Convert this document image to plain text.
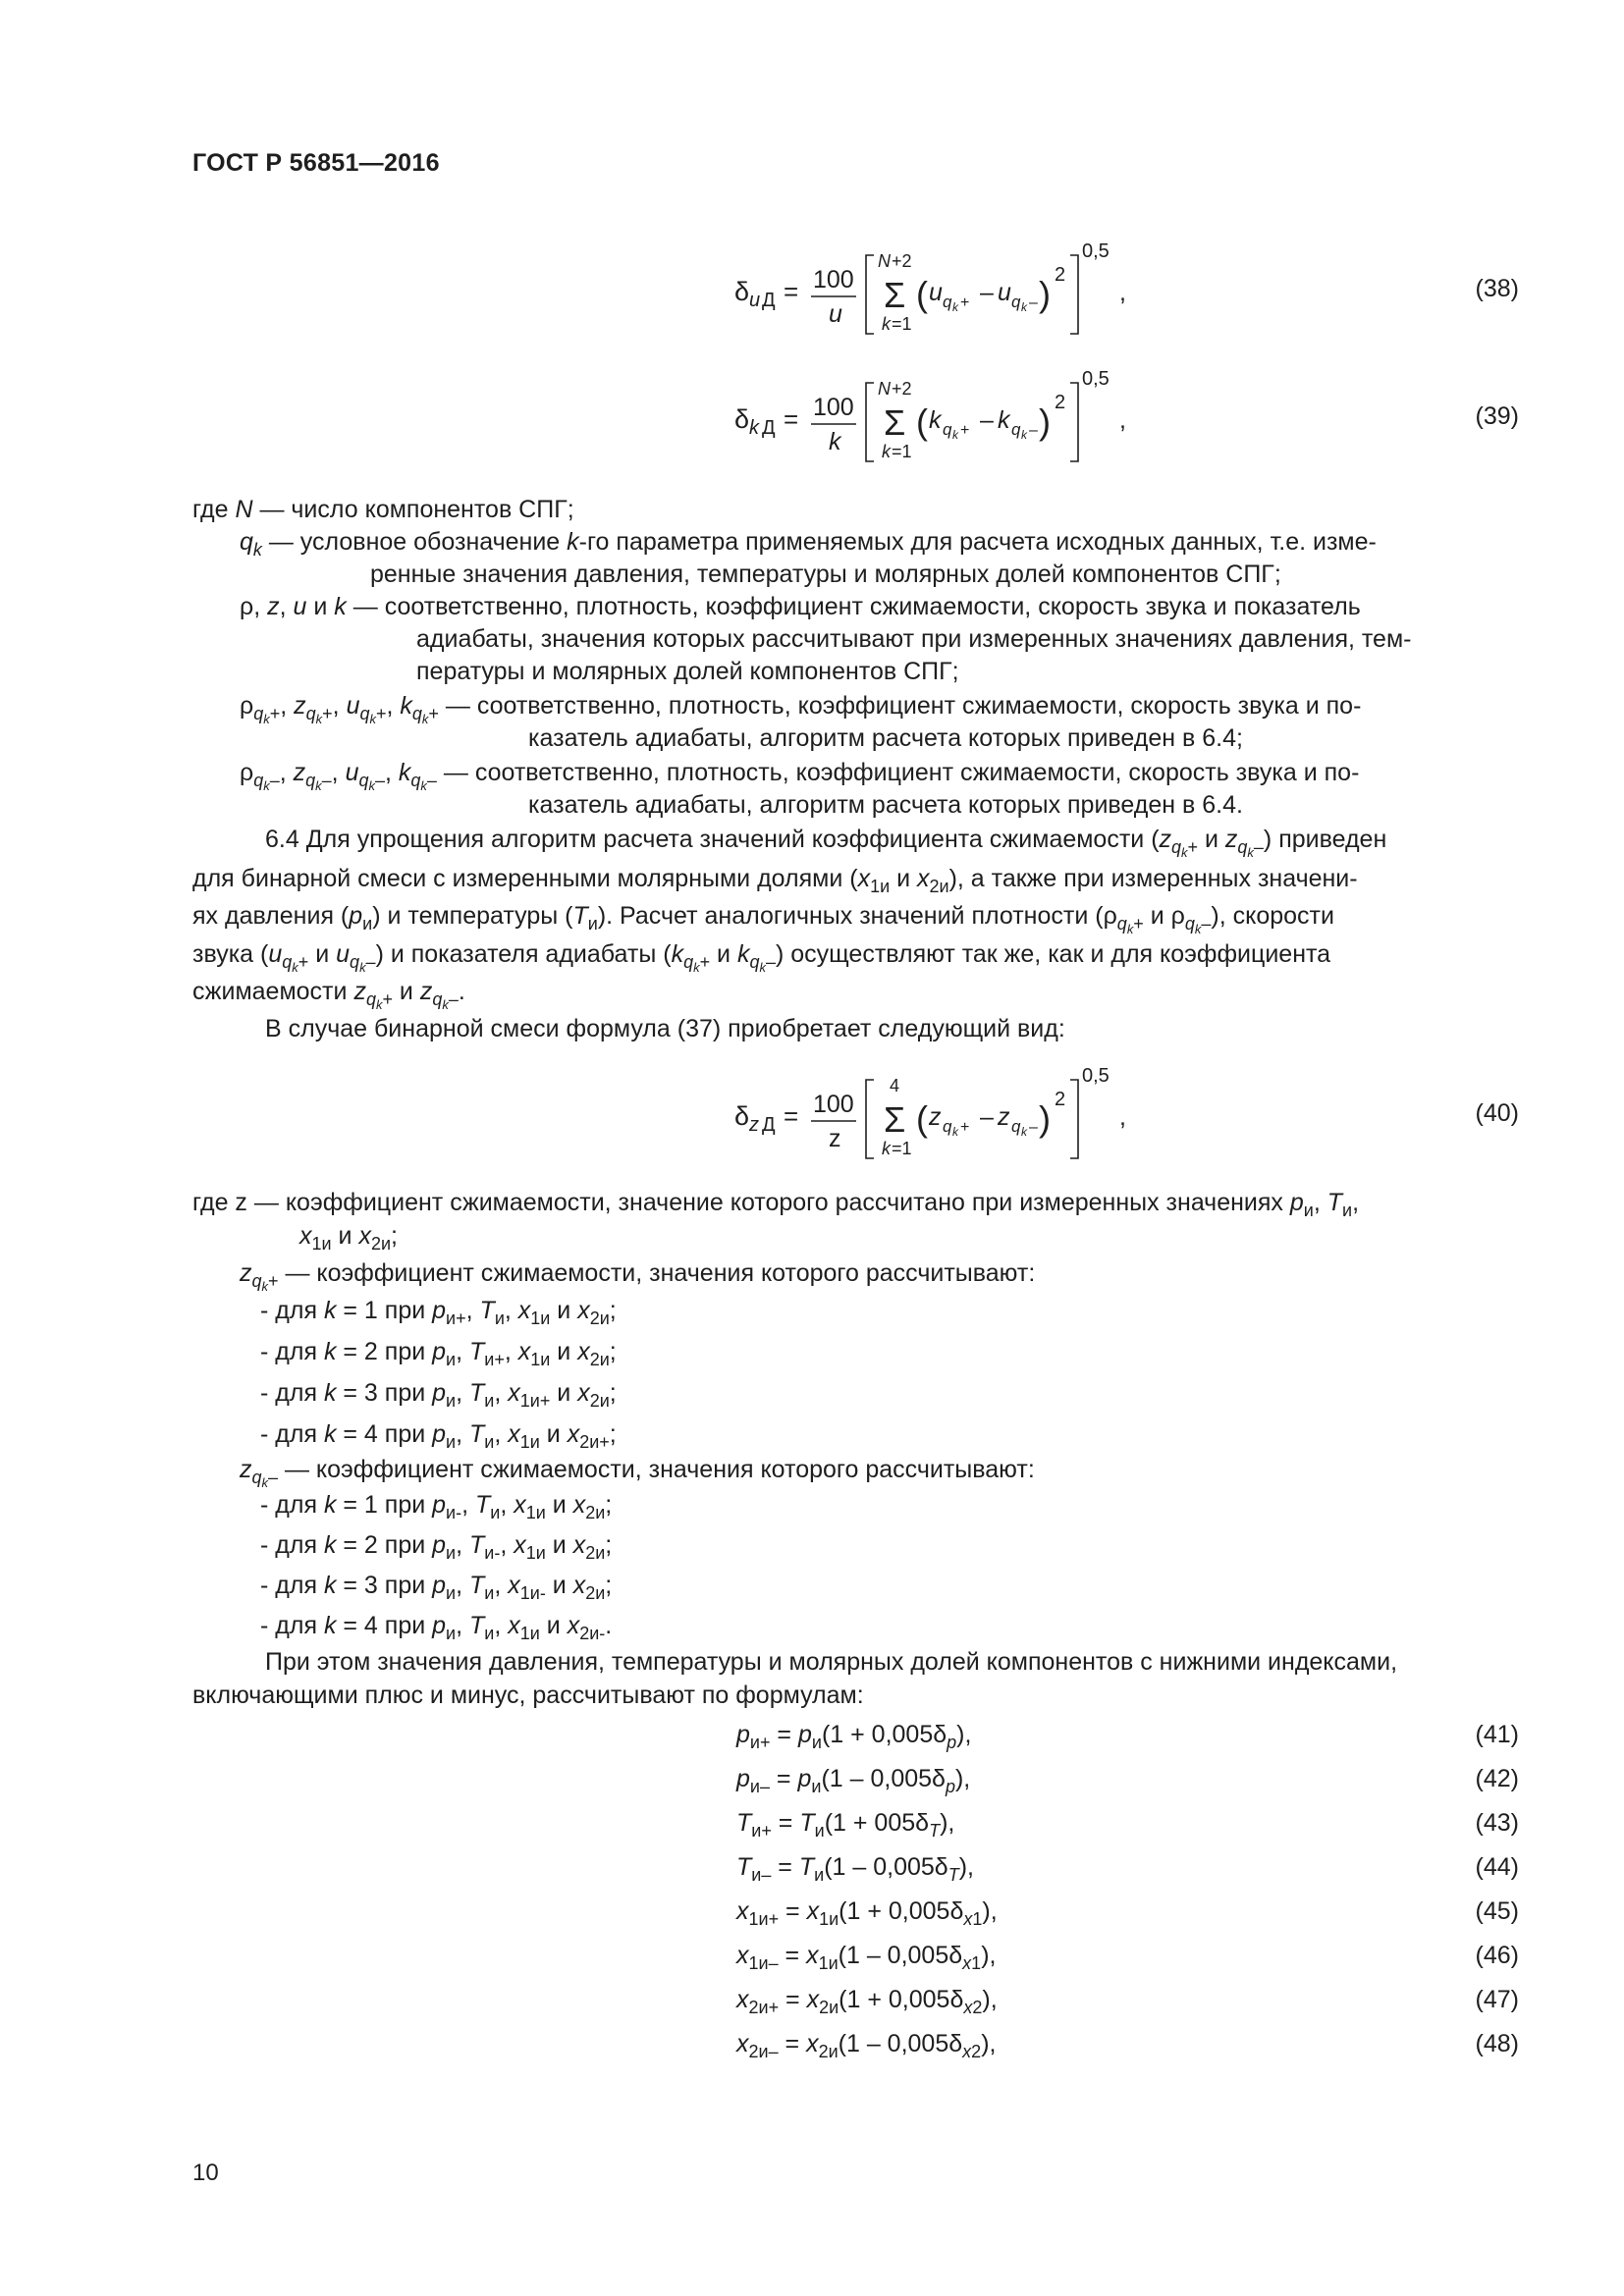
ГОСТ Р 56851—2016
δ u Д = 100
u
N +2
Σ
k =1
( u q k + – u q k – ) 2
0,5
,	(38)
δ k Д = 100
k
N +2
Σ
k =1
( k q k + – k q k – ) 2
0,5
,	(39)
где N — число компонентов СПГ;
$q_k$ — условное обозначение k-го параметра применяемых для расчета исходных данных, т.е. изме-
ренные значения давления, температуры и молярных долей компонентов СПГ;
ρ, z, u и k — соответственно, плотность, коэффициент сжимаемости, скорость звука и показатель
адиабаты, значения которых рассчитывают при измеренных значениях давления, тем-
пературы и молярных долей компонентов СПГ;
$\rho_{q_k+}$, $z_{q_k+}$, $u_{q_k+}$, $k_{q_k+}$ — соответственно, плотность, коэффициент сжимаемости, скорость звука и по-
казатель адиабаты, алгоритм расчета которых приведен в 6.4;
$\rho_{q_k-}$, $z_{q_k-}$, $u_{q_k-}$, $k_{q_k-}$ — соответственно, плотность, коэффициент сжимаемости, скорость звука и по-
казатель адиабаты, алгоритм расчета которых приведен в 6.4.
6.4 Для упрощения алгоритм расчета значений коэффициента сжимаемости ($z_{q_k+}$ и $z_{q_k-}$) приведен
для бинарной смеси с измеренными молярными долями ($x_{1и}$ и $x_{2и}$), а также при измеренных значени-
ях давления $(p_и)$ и температуры $(T_и)$. Расчет аналогичных значений плотности ($\rho_{q_k+}$ и $\rho_{q_k-}$), скорости
звука ($u_{q_k+}$ и $u_{q_k-}$) и показателя адиабаты ($k_{q_k+}$ и $k_{q_k-}$) осуществляют так же, как и для коэффициента
сжимаемости $z_{q_k+}$ и $z_{q_k-}$.
В случае бинарной смеси формула (37) приобретает следующий вид:
δ z Д = 100
z
4
Σ
k =1
( z q k + – z q k – ) 2
0,5
,	(40)
где z — коэффициент сжимаемости, значение которого рассчитано при измеренных значениях $p_и$, $T_и$,
$x_{1и}$ и $x_{2и}$;
$z_{q_k+}$ — коэффициент сжимаемости, значения которого рассчитывают:
- для k = 1 при $p_{и+}$, $T_и$, $x_{1и}$ и $x_{2и}$;
- для k = 2 при $p_и$, $T_{и+}$, $x_{1и}$ и $x_{2и}$;
- для k = 3 при $p_и$, $T_и$, $x_{1и+}$ и $x_{2и}$;
- для k = 4 при $p_и$, $T_и$, $x_{1и}$ и $x_{2и+}$;
$z_{q_k-}$ — коэффициент сжимаемости, значения которого рассчитывают:
- для k = 1 при $p_{и-}$, $T_и$, $x_{1и}$ и $x_{2и}$;
- для k = 2 при $p_и$, $T_{и-}$, $x_{1и}$ и $x_{2и}$;
- для k = 3 при $p_и$, $T_и$, $x_{1и-}$ и $x_{2и}$;
- для k = 4 при $p_и$, $T_и$, $x_{1и}$ и $x_{2и-}$.
При этом значения давления, температуры и молярных долей компонентов с нижними индексами,
включающими плюс и минус, рассчитывают по формулам:
$p_{и+} = p_и(1 + 0,005\delta_p)$,	(41)
$p_{и-} = p_и(1 - 0,005\delta_p)$,	(42)
$T_{и+} = T_и(1 + 005\delta_T)$,	(43)
$T_{и-} = T_и(1 - 0,005\delta_T)$,	(44)
$x_{1и+} = x_{1и}(1 + 0,005\delta_{x1})$,	(45)
$x_{1и-} = x_{1и}(1 - 0,005\delta_{x1})$,	(46)
$x_{2и+} = x_{2и}(1 + 0,005\delta_{x2})$,	(47)
$x_{2и-} = x_{2и}(1 - 0,005\delta_{x2})$,	(48)
10
